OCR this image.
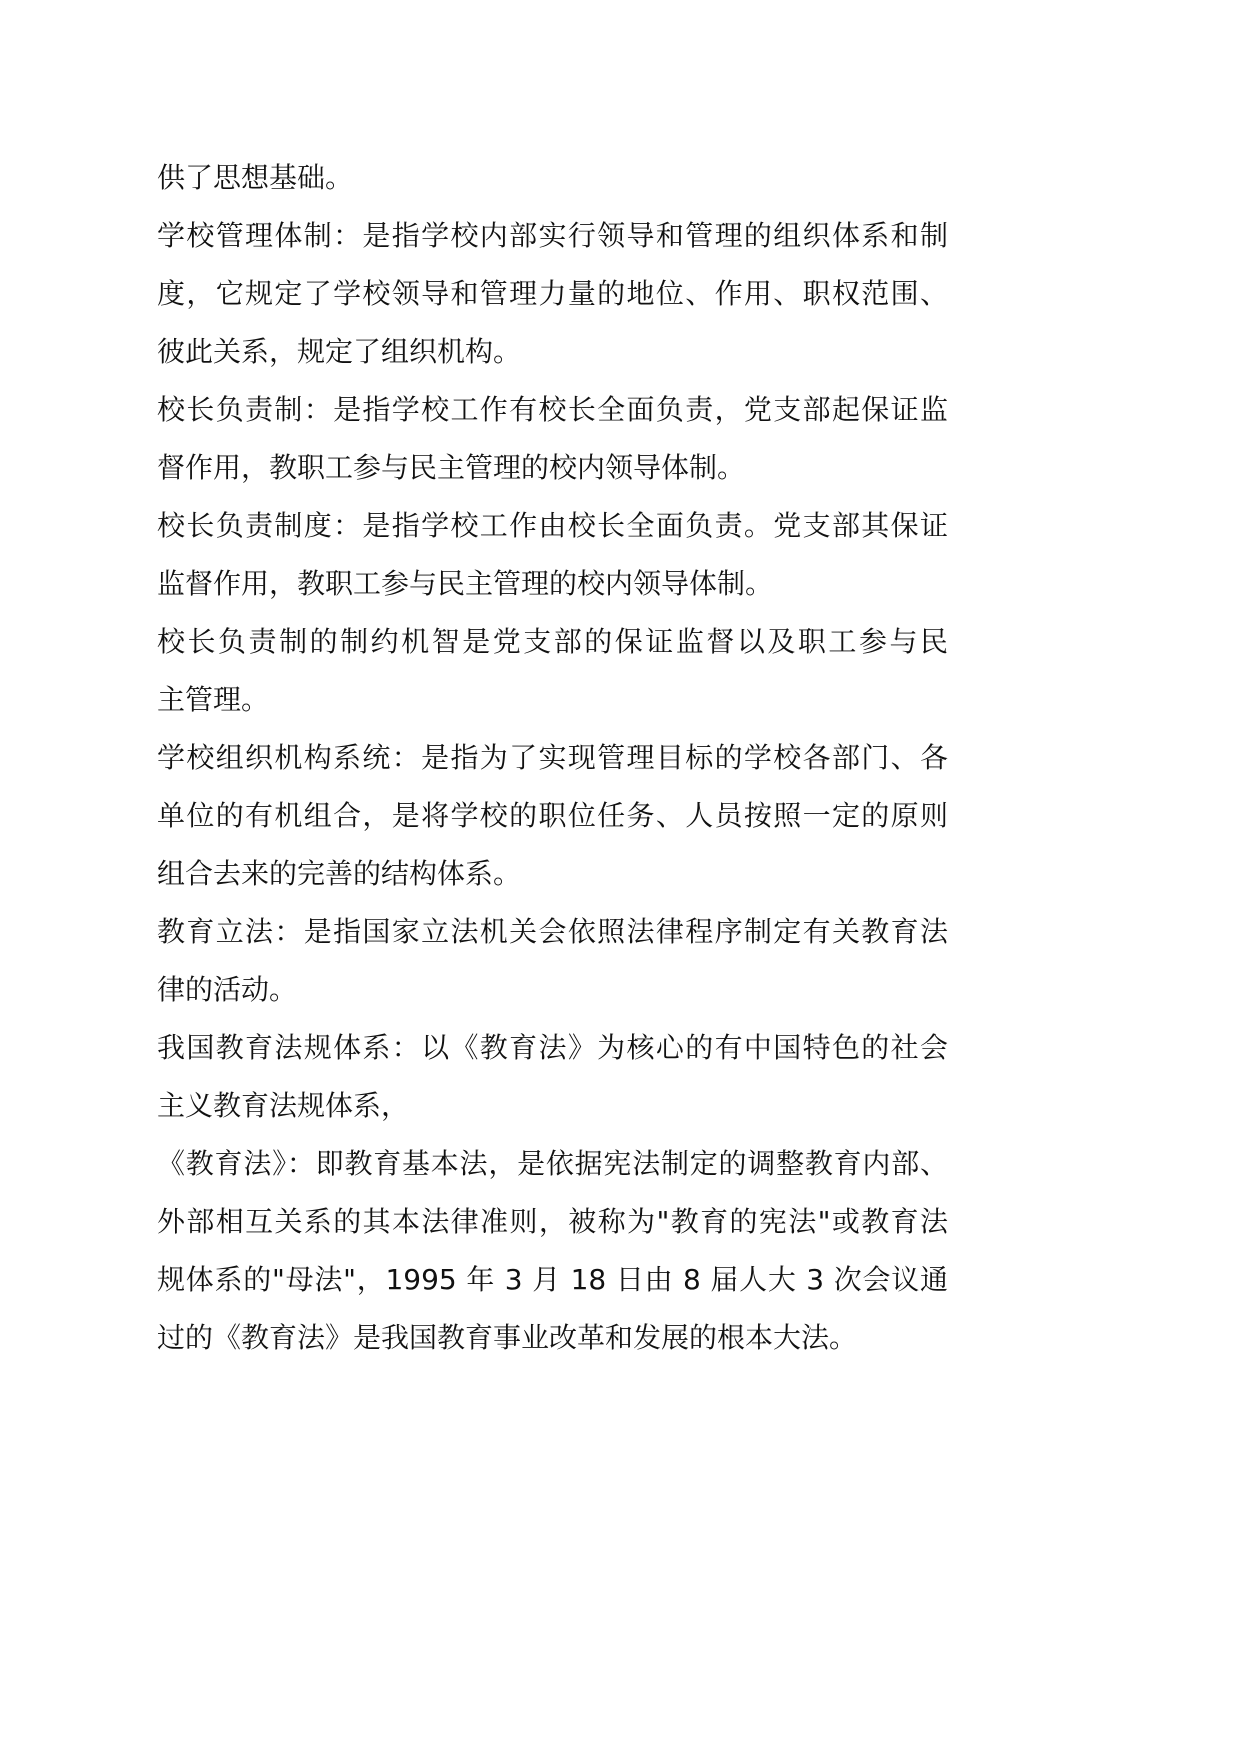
供了思想基础。
学校管理体制：是指学校内部实行领导和管理的组织体系和制
度，它规定了学校领导和管理力量的地位、作用、职权范围、
彼此关系，规定了组织机构。
校长负责制：是指学校工作有校长全面负责，党支部起保证监
督作用，教职工参与民主管理的校内领导体制。
校长负责制度：是指学校工作由校长全面负责。党支部其保证
监督作用，教职工参与民主管理的校内领导体制。
校长负责制的制约机智是党支部的保证监督以及职工参与民
主管理。
学校组织机构系统：是指为了实现管理目标的学校各部门、各
单位的有机组合，是将学校的职位任务、人员按照一定的原则
组合去来的完善的结构体系。
教育立法：是指国家立法机关会依照法律程序制定有关教育法
律的活动。
我国教育法规体系：以《教育法》为核心的有中国特色的社会
主义教育法规体系，
《教育法》：即教育基本法，是依据宪法制定的调整教育内部、
外部相互关系的其本法律准则，被称为"教育的宪法"或教育法
规体系的"母法"，1995 年 3 月 18 日由 8 届人大 3 次会议通
过的《教育法》是我国教育事业改革和发展的根本大法。
